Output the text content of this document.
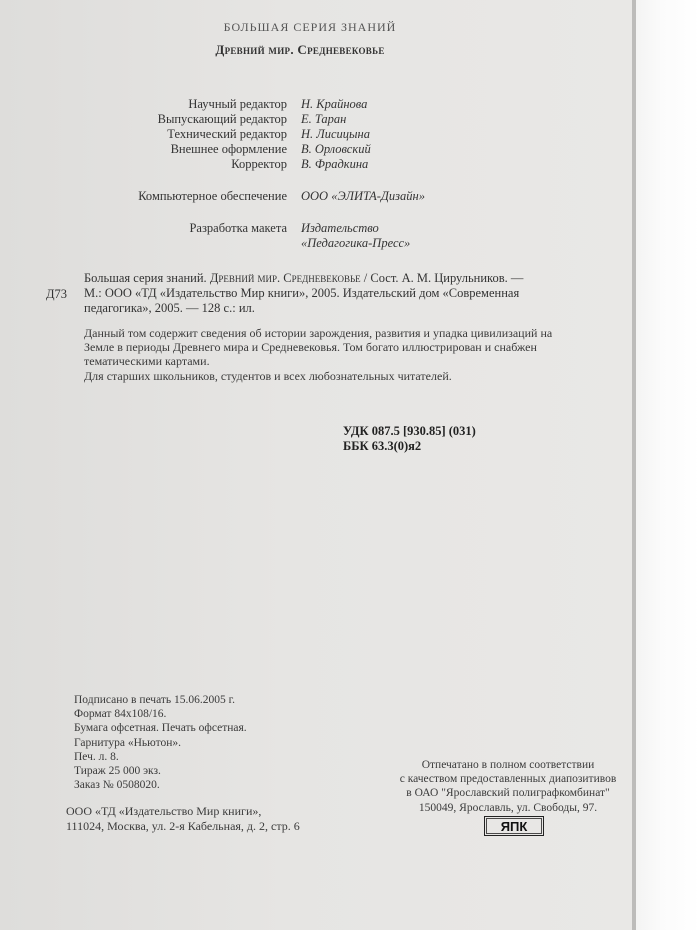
БОЛЬШАЯ СЕРИЯ ЗНАНИЙ
Древний мир. Средневековье
Научный редактор	Н. Крайнова
Выпускающий редактор	Е. Таран
Технический редактор	Н. Лисицына
Внешнее оформление	В. Орловский
Корректор	В. Фрадкина
Компьютерное обеспечение	ООО «ЭЛИТА-Дизайн»
Разработка макета	Издательство
«Педагогика-Пресс»
Д73
Большая серия знаний. Древний мир. Средневековье / Сост. А. М. Цирульников. —
М.: ООО «ТД «Издательство Мир книги», 2005. Издательский дом «Современная
педагогика», 2005. — 128 с.: ил.

Данный том содержит сведения об истории зарождения, развития и упадка цивилизаций на Земле в периоды Древнего мира и Средневековья. Том богато иллюстрирован и снабжен тематическими картами.

Для старших школьников, студентов и всех любознательных читателей.

УДК 087.5 [930.85] (031)
ББК 63.3(0)я2
Подписано в печать 15.06.2005 г.
Формат 84х108/16.
Бумага офсетная. Печать офсетная.
Гарнитура «Ньютон».
Печ. л. 8.
Тираж 25 000 экз.
Заказ № 0508020.
ООО «ТД «Издательство Мир книги»,
111024, Москва, ул. 2-я Кабельная, д. 2, стр. 6
Отпечатано в полном соответствии
с качеством предоставленных диапозитивов
в ОАО "Ярославский полиграфкомбинат"
150049, Ярославль, ул. Свободы, 97.
ЯПК
